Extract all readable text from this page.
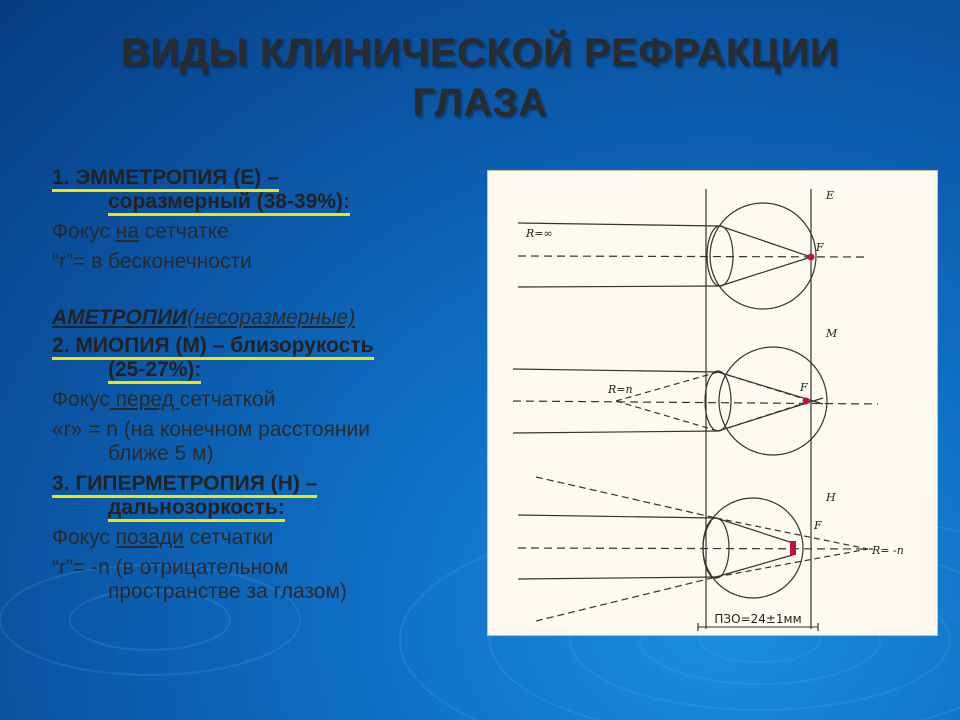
ВИДЫ КЛИНИЧЕСКОЙ РЕФРАКЦИИ
ГЛАЗА
1. ЭММЕТРОПИЯ (E) –
соразмерный (38-39%):
Фокус на сетчатке
“r”= в бесконечности
АМЕТРОПИИ(несоразмерные)
2. МИОПИЯ (М) – близорукость
(25-27%):
Фокус перед сетчаткой
«r» = n (на конечном расстоянии
ближе 5 м)
3. ГИПЕРМЕТРОПИЯ (H) –
дальнозоркость:
Фокус позади сетчатки
“r”= -n (в отрицательном
пространстве за глазом)
E
M
H
F
F
F
R=∞
R=n
R= -n
ПЗО=24±1мм
